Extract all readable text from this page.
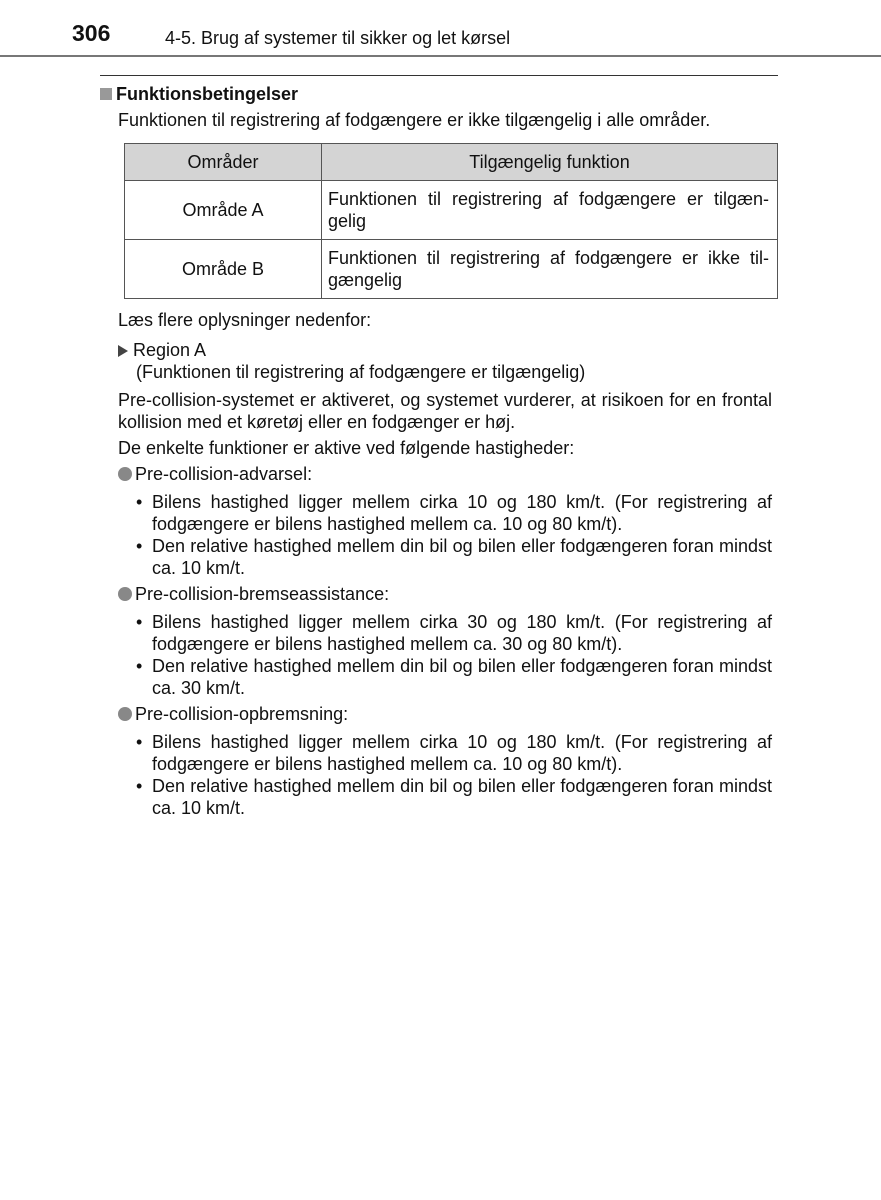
306	4-5. Brug af systemer til sikker og let kørsel
Funktionsbetingelser
Funktionen til registrering af fodgængere er ikke tilgængelig i alle områder.
Områder	Tilgængelig funktion
Område A	Funktionen til registrering af fodgængere er tilgæn-gelig
Område B	Funktionen til registrering af fodgængere er ikke til-gængelig
Læs flere oplysninger nedenfor:
Region A
(Funktionen til registrering af fodgængere er tilgængelig)
Pre-collision-systemet er aktiveret, og systemet vurderer, at risikoen for en frontal kollision med et køretøj eller en fodgænger er høj.
De enkelte funktioner er aktive ved følgende hastigheder:
Pre-collision-advarsel:
• Bilens hastighed ligger mellem cirka 10 og 180 km/t. (For registrering af fodgængere er bilens hastighed mellem ca. 10 og 80 km/t).
• Den relative hastighed mellem din bil og bilen eller fodgængeren foran mindst ca. 10 km/t.
Pre-collision-bremseassistance:
• Bilens hastighed ligger mellem cirka 30 og 180 km/t. (For registrering af fodgængere er bilens hastighed mellem ca. 30 og 80 km/t).
• Den relative hastighed mellem din bil og bilen eller fodgængeren foran mindst ca. 30 km/t.
Pre-collision-opbremsning:
• Bilens hastighed ligger mellem cirka 10 og 180 km/t. (For registrering af fodgængere er bilens hastighed mellem ca. 10 og 80 km/t).
• Den relative hastighed mellem din bil og bilen eller fodgængeren foran mindst ca. 10 km/t.
